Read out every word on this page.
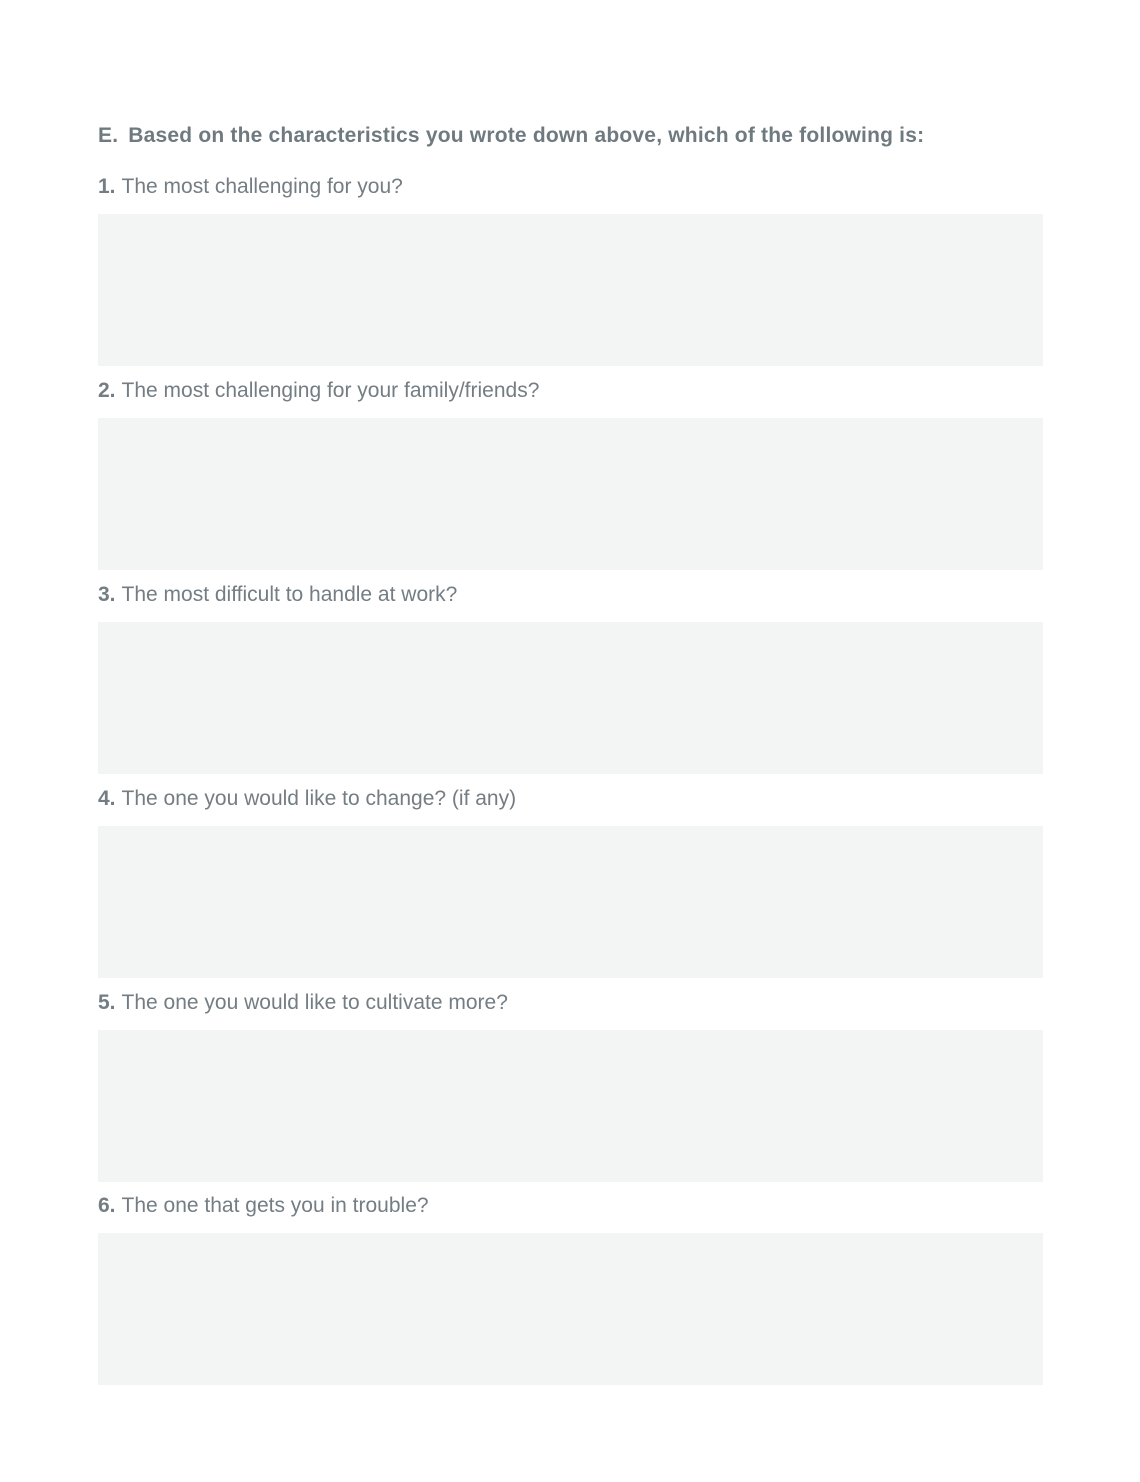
E. Based on the characteristics you wrote down above, which of the following is:
1. The most challenging for you?
2. The most challenging for your family/friends?
3. The most difficult to handle at work?
4. The one you would like to change? (if any)
5. The one you would like to cultivate more?
6. The one that gets you in trouble?
